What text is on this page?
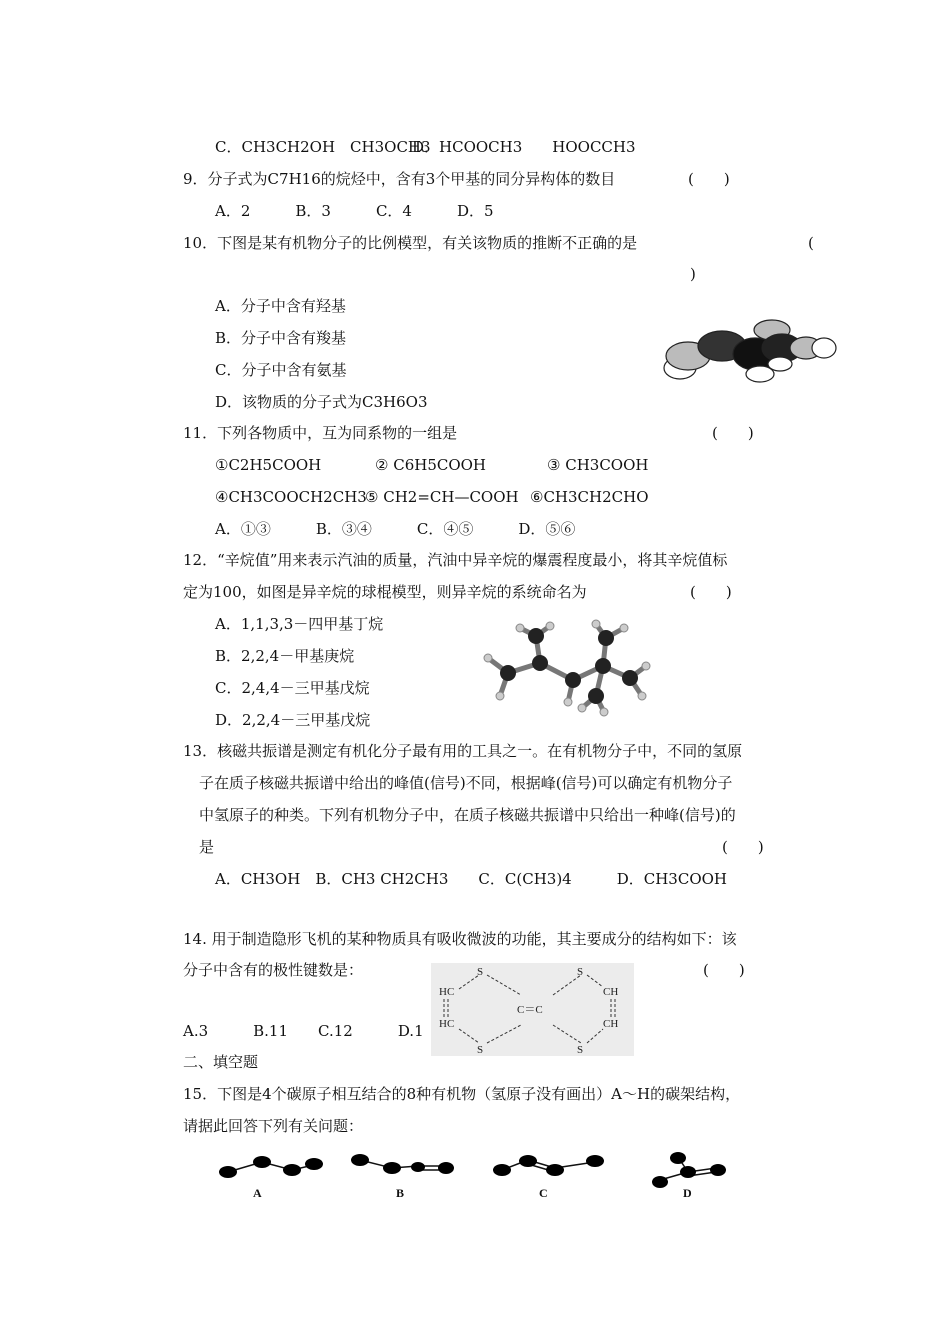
C．CH3CH2OH　CH3OCH3
D．HCOOCH3　　HOOCCH3
9．分子式为C7H16的烷烃中，含有3个甲基的同分异构体的数目	(　　)
A．2　　　B．3　　　C．4　　　D．5
10．下图是某有机物分子的比例模型，有关该物质的推断不正确的是	(
)
A．分子中含有羟基
B．分子中含有羧基
C．分子中含有氨基
D．该物质的分子式为C3H6O3
11．下列各物质中，互为同系物的一组是	(　　)
①C2H5COOH	② C6H5COOH	③ CH3COOH
④CH3COOCH2CH3
⑤ CH2=CH—COOH ⑥CH3CH2CHO
A．①③　　　B．③④　　　C．④⑤　　　D．⑤⑥
12．“辛烷值”用来表示汽油的质量，汽油中异辛烷的爆震程度最小，将其辛烷值标
定为100，如图是异辛烷的球棍模型，则异辛烷的系统命名为	(　　)
A．1,1,3,3－四甲基丁烷
B．2,2,4－甲基庚烷
C．2,4,4－三甲基戊烷
D．2,2,4－三甲基戊烷
13．核磁共振谱是测定有机化分子最有用的工具之一。在有机物分子中，不同的氢原
子在质子核磁共振谱中给出的峰值(信号)不同，根据峰(信号)可以确定有机物分子
中氢原子的种类。下列有机物分子中，在质子核磁共振谱中只给出一种峰(信号)的
是	(　　)
A．CH3OH　B．CH3 CH2CH3　　C．C(CH3)4　　　D．CH3COOH
14. 用于制造隐形飞机的某种物质具有吸收微波的功能，其主要成分的结构如下：该
分子中含有的极性键数是：	(　　)
A.3　　　B.11　　C.12　　　D.1
S	S
S	S
HC
HC
CH
CH
C＝C
二、填空题
15．下图是4个碳原子相互结合的8种有机物（氢原子没有画出）A～H的碳架结构，
请据此回答下列有关问题：
A	B	C	D
